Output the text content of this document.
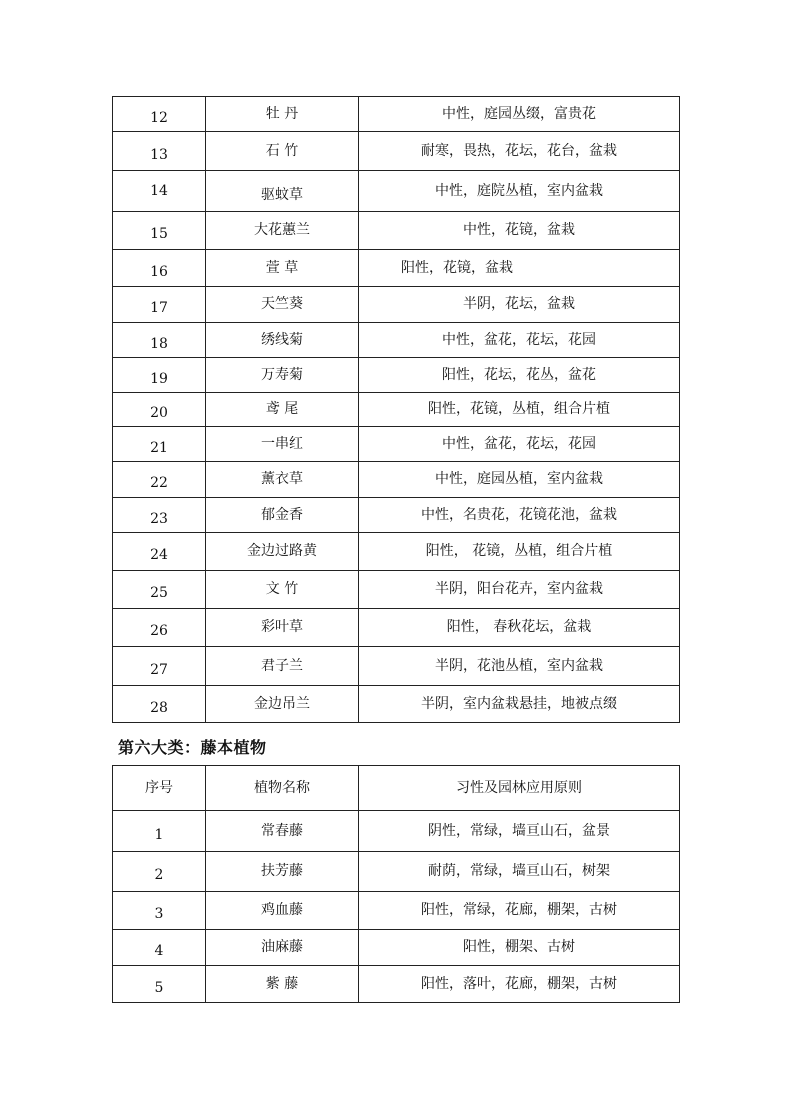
12	牡 丹	中性，庭园丛缀，富贵花
13	石 竹	耐寒，畏热，花坛，花台，盆栽
14	驱蚊草	中性，庭院丛植，室内盆栽
15	大花蕙兰	中性，花镜，盆栽
16	萱 草	阳性，花镜，盆栽
17	天竺葵	半阴，花坛，盆栽
18	绣线菊	中性，盆花，花坛，花园
19	万寿菊	阳性，花坛，花丛，盆花
20	鸢 尾	阳性，花镜，丛植，组合片植
21	一串红	中性，盆花，花坛，花园
22	薰衣草	中性，庭园丛植，室内盆栽
23	郁金香	中性，名贵花，花镜花池，盆栽
24	金边过路黄	阳性， 花镜，丛植，组合片植
25	文 竹	半阴，阳台花卉，室内盆栽
26	彩叶草	阳性， 春秋花坛，盆栽
27	君子兰	半阴，花池丛植，室内盆栽
28	金边吊兰	半阴，室内盆栽悬挂，地被点缀
第六大类：藤本植物
序号	植物名称	习性及园林应用原则
1	常春藤	阴性，常绿，墙亘山石，盆景
2	扶芳藤	耐荫，常绿，墙亘山石，树架
3	鸡血藤	阳性，常绿，花廊，棚架，古树
4	油麻藤	阳性，棚架、古树
5	紫 藤	阳性，落叶，花廊，棚架，古树
